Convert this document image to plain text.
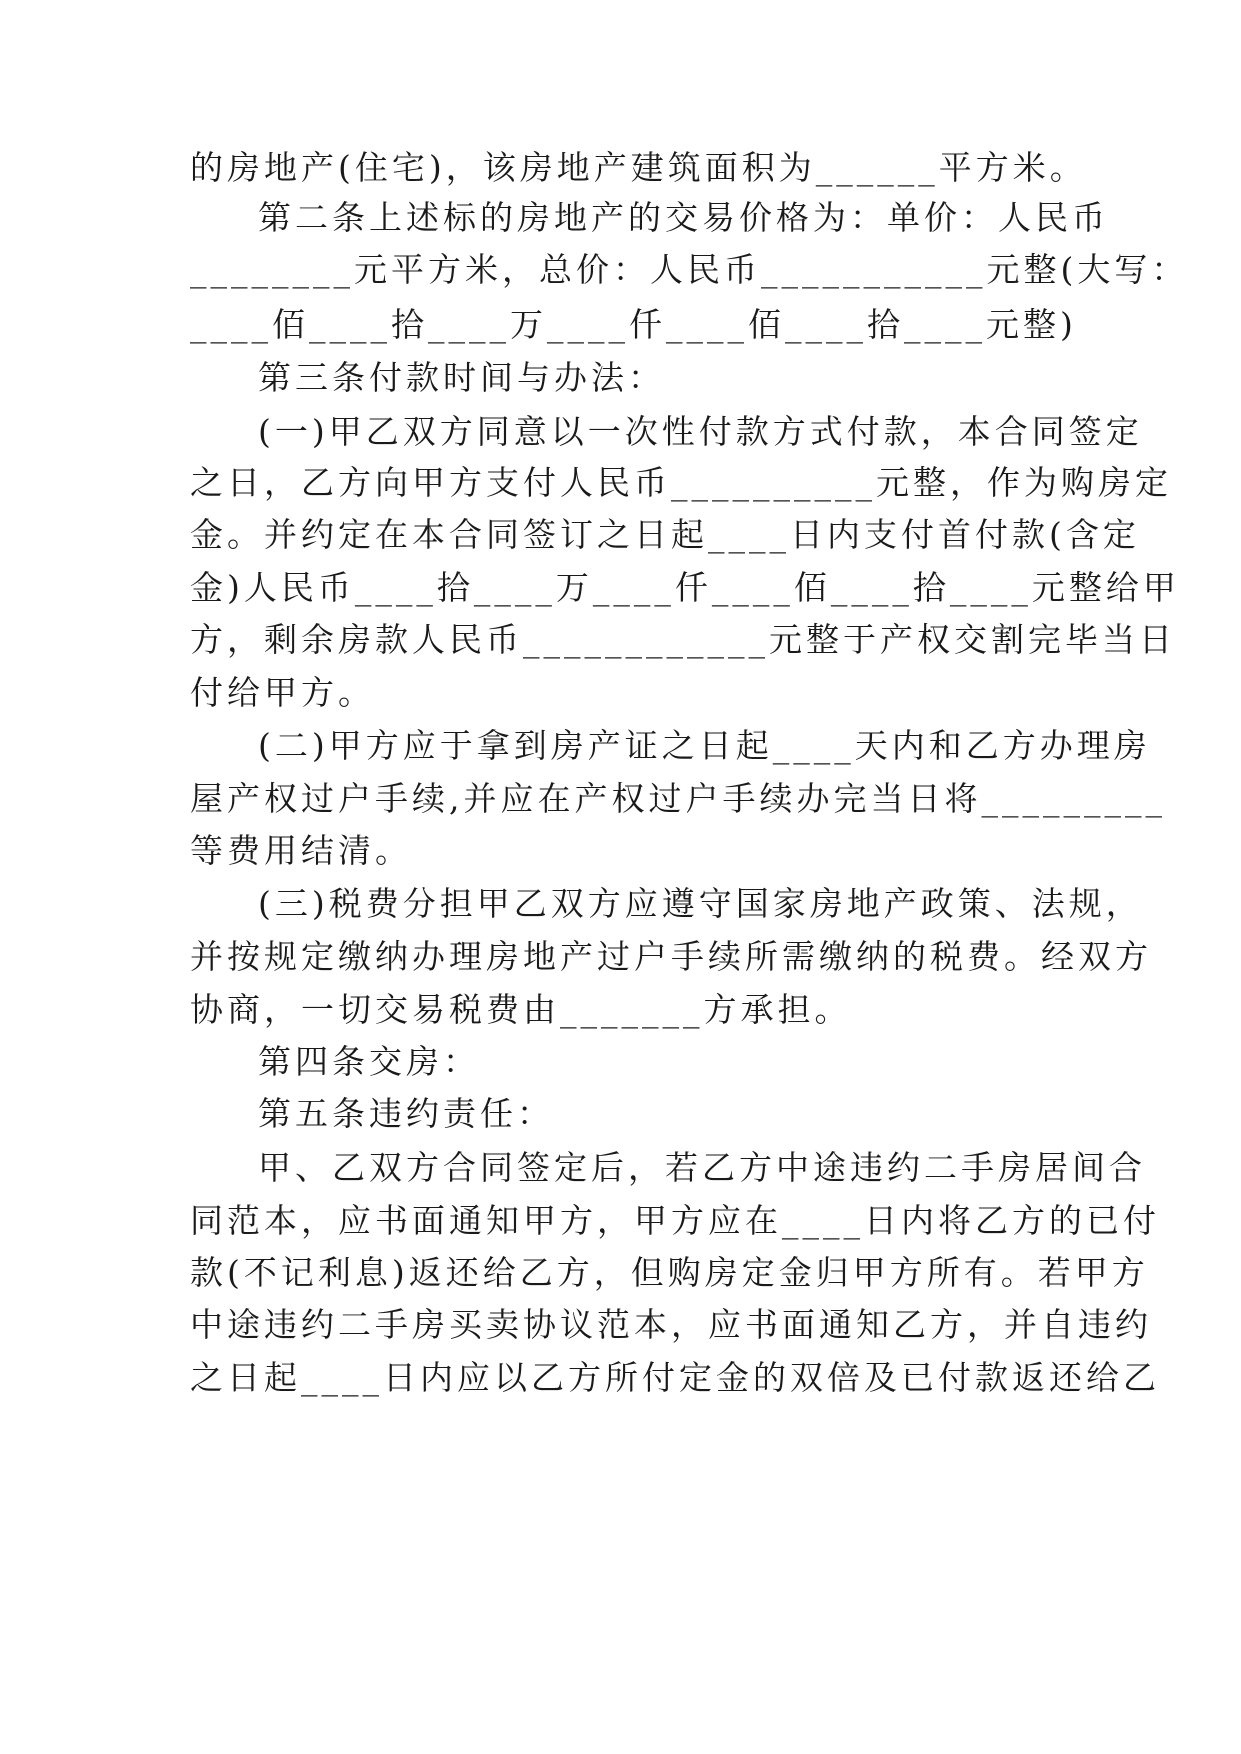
的房地产(住宅)，该房地产建筑面积为______平方米。
第二条上述标的房地产的交易价格为：单价：人民币
________元平方米，总价：人民币___________元整(大写：
____佰____拾____万____仟____佰____拾____元整)
第三条付款时间与办法：
(一)甲乙双方同意以一次性付款方式付款，本合同签定
之日，乙方向甲方支付人民币__________元整，作为购房定
金。并约定在本合同签订之日起____日内支付首付款(含定
金)人民币____拾____万____仟____佰____拾____元整给甲
方，剩余房款人民币____________元整于产权交割完毕当日
付给甲方。
(二)甲方应于拿到房产证之日起____天内和乙方办理房
屋产权过户手续,并应在产权过户手续办完当日将_________
等费用结清。
(三)税费分担甲乙双方应遵守国家房地产政策、法规，
并按规定缴纳办理房地产过户手续所需缴纳的税费。经双方
协商，一切交易税费由_______方承担。
第四条交房：
第五条违约责任：
甲、乙双方合同签定后，若乙方中途违约二手房居间合
同范本，应书面通知甲方，甲方应在____日内将乙方的已付
款(不记利息)返还给乙方，但购房定金归甲方所有。若甲方
中途违约二手房买卖协议范本，应书面通知乙方，并自违约
之日起____日内应以乙方所付定金的双倍及已付款返还给乙
